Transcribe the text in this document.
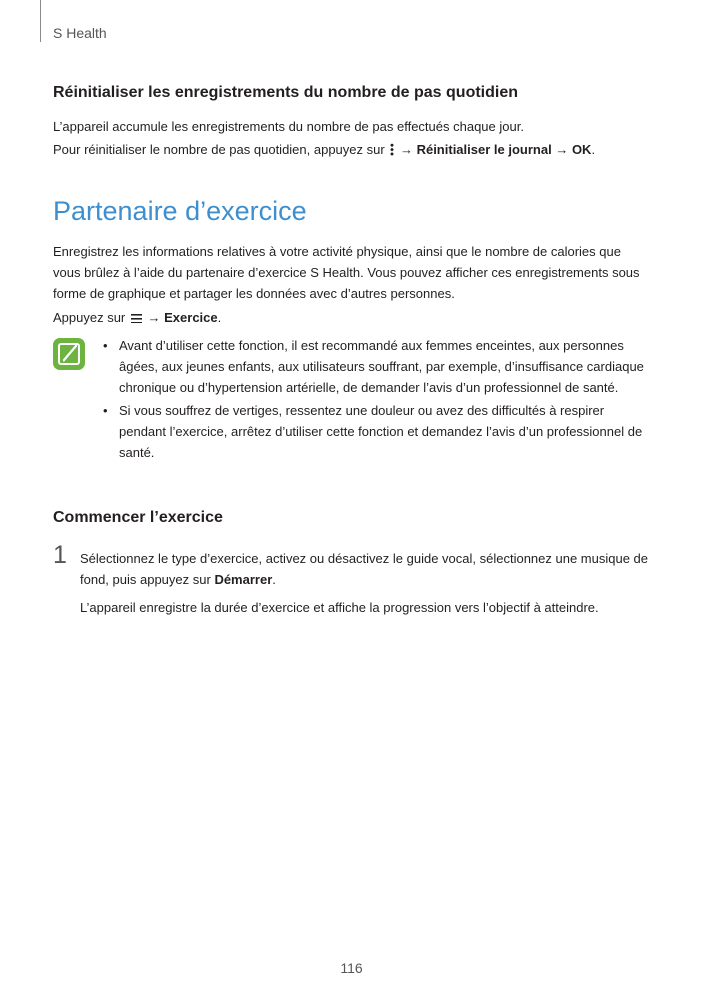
S Health
Réinitialiser les enregistrements du nombre de pas quotidien
L’appareil accumule les enregistrements du nombre de pas effectués chaque jour.
Pour réinitialiser le nombre de pas quotidien, appuyez sur → Réinitialiser le journal → OK.
Partenaire d’exercice
Enregistrez les informations relatives à votre activité physique, ainsi que le nombre de calories que vous brûlez à l’aide du partenaire d’exercice S Health. Vous pouvez afficher ces enregistrements sous forme de graphique et partager les données avec d’autres personnes.
Appuyez sur → Exercice.
• Avant d’utiliser cette fonction, il est recommandé aux femmes enceintes, aux personnes âgées, aux jeunes enfants, aux utilisateurs souffrant, par exemple, d’insuffisance cardiaque chronique ou d’hypertension artérielle, de demander l’avis d’un professionnel de santé.
• Si vous souffrez de vertiges, ressentez une douleur ou avez des difficultés à respirer pendant l’exercice, arrêtez d’utiliser cette fonction et demandez l’avis d’un professionnel de santé.
Commencer l’exercice
1 Sélectionnez le type d’exercice, activez ou désactivez le guide vocal, sélectionnez une musique de fond, puis appuyez sur Démarrer.
L’appareil enregistre la durée d’exercice et affiche la progression vers l’objectif à atteindre.
116
